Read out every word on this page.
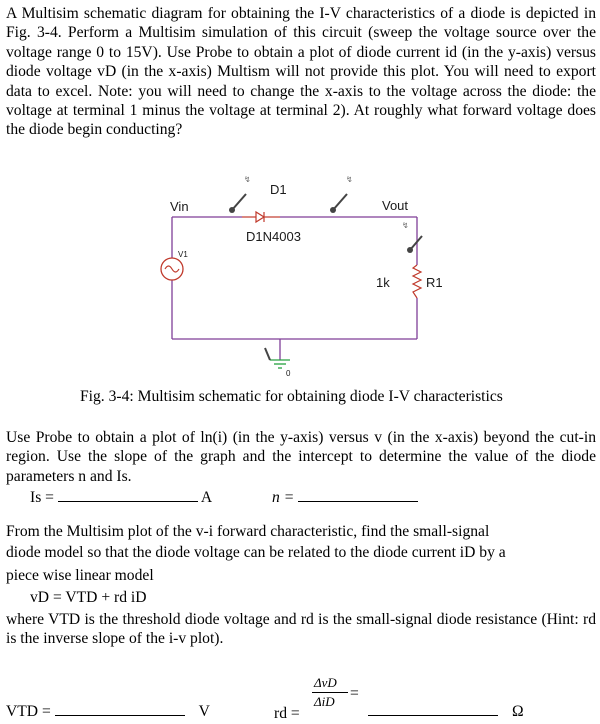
A Multisim schematic diagram for obtaining the I-V characteristics of a diode is depicted in Fig. 3-4. Perform a Multisim simulation of this circuit (sweep the voltage source over the voltage range 0 to 15V). Use Probe to obtain a plot of diode current id (in the y-axis) versus diode voltage vD (in the x-axis) Multism will not provide this plot. You will need to export data to excel. Note: you will need to change the x-axis to the voltage across the diode: the voltage at terminal 1 minus the voltage at terminal 2). At roughly what forward voltage does the diode begin conducting?

↯	↯
↯
Vin
D1
D1N4003
Vout
V1
1k	R1
0
Fig. 3-4: Multisim schematic for obtaining diode I-V characteristics

Use Probe to obtain a plot of ln(i) (in the y-axis) versus v (in the x-axis) beyond the cut-in region. Use the slope of the graph and the intercept to determine the value of the diode parameters n and Is.

Is =	A	n =
From the Multisim plot of the v-i forward characteristic, find the small-signal
diode model so that the diode voltage can be related to the diode current iD by a
piece wise linear model
vD = VTD + rd iD

where VTD is the threshold diode voltage and rd is the small-signal diode resistance (Hint: rd is the inverse slope of the i-v plot).

VTD =	V	rd =
ΔvD
ΔiD =
Ω
